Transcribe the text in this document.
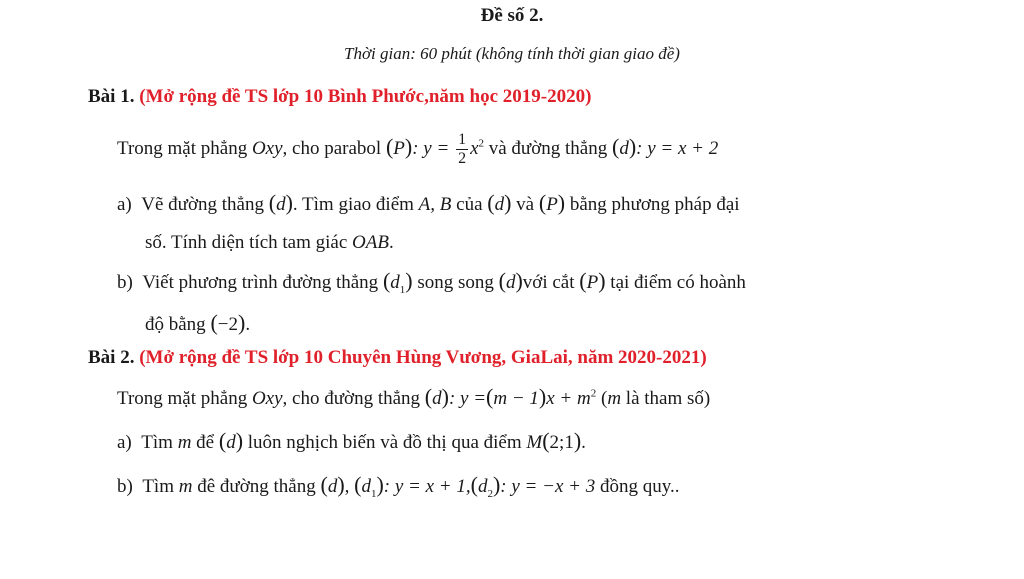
Đề số 2.
Thời gian: 60 phút (không tính thời gian giao đề)
Bài 1. (Mở rộng đề TS lớp 10 Bình Phước,năm học 2019-2020)
Trong mặt phẳng Oxy, cho parabol (P): $y = \frac{1}{2} x^2$ và đường thẳng (d): y = x + 2
a) Vẽ đường thẳng (d). Tìm giao điểm A, B của (d) và (P) bằng phương pháp đại
số. Tính diện tích tam giác OAB.
b) Viết phương trình đường thẳng $(d_1)$ song song (d)với cắt (P) tại điểm có hoành
độ bằng (−2).
Bài 2. (Mở rộng đề TS lớp 10 Chuyên Hùng Vương, GiaLai, năm 2020-2021)
Trong mặt phẳng Oxy, cho đường thẳng (d): $y =(m - 1)x + m^2$ (m là tham số)
a) Tìm m để (d) luôn nghịch biến và đồ thị qua điểm M(2;1).
b) Tìm m đê đường thẳng (d), $(d_1)$: $y = x + 1,(d_2)$: y = −x + 3 đồng quy..
